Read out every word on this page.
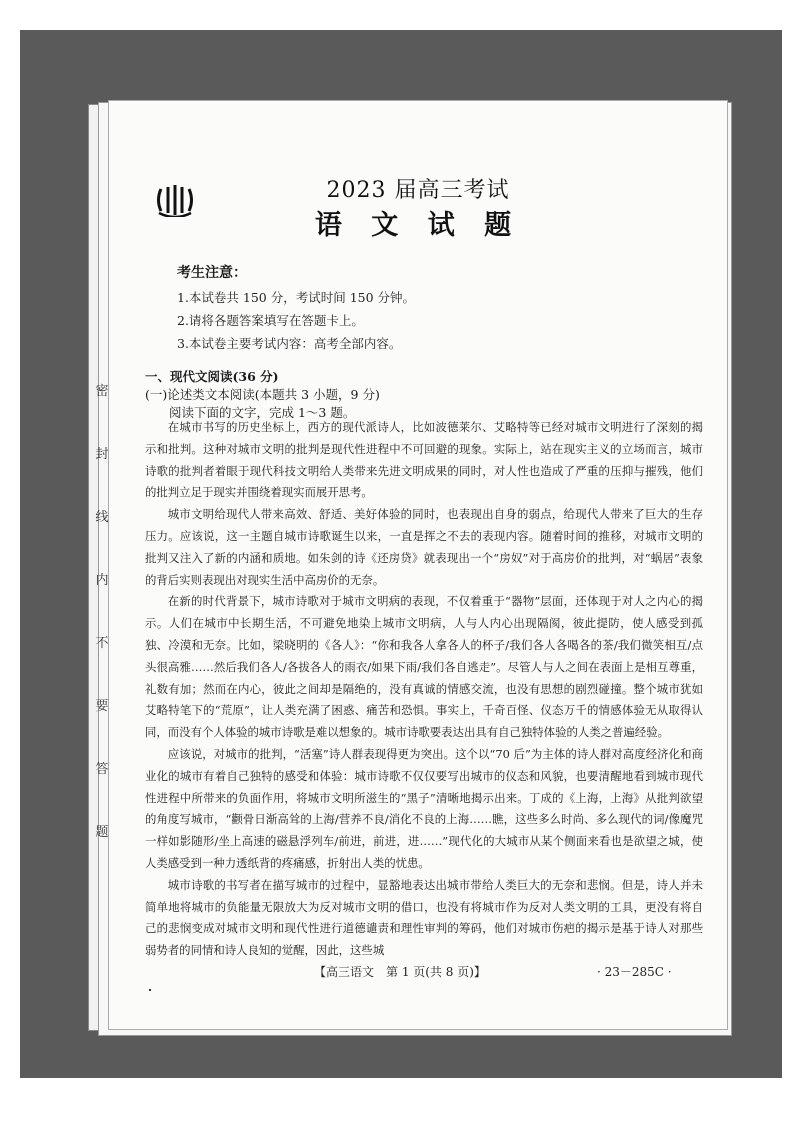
密
封
线
内
不
要
答
题
2023 届高三考试
语 文 试 题
考生注意：
1.本试卷共 150 分，考试时间 150 分钟。
2.请将各题答案填写在答题卡上。
3.本试卷主要考试内容：高考全部内容。
一、现代文阅读(36 分)
(一)论述类文本阅读(本题共 3 小题，9 分)
阅读下面的文字，完成 1～3 题。

在城市书写的历史坐标上，西方的现代派诗人，比如波德莱尔、艾略特等已经对城市文明进行了深刻的揭示和批判。这种对城市文明的批判是现代性进程中不可回避的现象。实际上，站在现实主义的立场而言，城市诗歌的批判者着眼于现代科技文明给人类带来先进文明成果的同时，对人性也造成了严重的压抑与摧残，他们的批判立足于现实并围绕着现实而展开思考。

城市文明给现代人带来高效、舒适、美好体验的同时，也表现出自身的弱点，给现代人带来了巨大的生存压力。应该说，这一主题自城市诗歌诞生以来，一直是挥之不去的表现内容。随着时间的推移，对城市文明的批判又注入了新的内涵和质地。如朱剑的诗《还房贷》就表现出一个“房奴”对于高房价的批判，对“蜗居”表象的背后实则表现出对现实生活中高房价的无奈。

在新的时代背景下，城市诗歌对于城市文明病的表现，不仅着重于“器物”层面，还体现于对人之内心的揭示。人们在城市中长期生活，不可避免地染上城市文明病，人与人内心出现隔阂，彼此提防，使人感受到孤独、冷漠和无奈。比如，梁晓明的《各人》：“你和我各人拿各人的杯子/我们各人各喝各的茶/我们微笑相互/点头很高雅……然后我们各人/各拔各人的雨衣/如果下雨/我们各自逃走”。尽管人与人之间在表面上是相互尊重，礼数有加；然而在内心，彼此之间却是隔绝的，没有真诚的情感交流，也没有思想的剧烈碰撞。整个城市犹如艾略特笔下的“荒原”，让人类充满了困惑、痛苦和恐惧。事实上，千奇百怪、仪态万千的情感体验无从取得认同，而没有个人体验的城市诗歌是难以想象的。城市诗歌要表达出具有自己独特体验的人类之普遍经验。

应该说，对城市的批判，“活塞”诗人群表现得更为突出。这个以“70 后”为主体的诗人群对高度经济化和商业化的城市有着自己独特的感受和体验：城市诗歌不仅仅要写出城市的仪态和风貌，也要清醒地看到城市现代性进程中所带来的负面作用，将城市文明所滋生的“黑子”清晰地揭示出来。丁成的《上海，上海》从批判欲望的角度写城市，“颧骨日渐高耸的上海/营养不良/消化不良的上海……瞧，这些多么时尚、多么现代的词/像魔咒一样如影随形/坐上高速的磁悬浮列车/前进，前进，进……”现代化的大城市从某个侧面来看也是欲望之城，使人类感受到一种力透纸背的疼痛感，折射出人类的忧患。

城市诗歌的书写者在描写城市的过程中，显豁地表达出城市带给人类巨大的无奈和悲悯。但是，诗人并未简单地将城市的负能量无限放大为反对城市文明的借口，也没有将城市作为反对人类文明的工具，更没有将自己的悲悯变成对城市文明和现代性进行道德谴责和理性审判的筹码，他们对城市伤疤的揭示是基于诗人对那些弱势者的同情和诗人良知的觉醒，因此，这些城

【高三语文　第 1 页(共 8 页)】	· 23－285C ·
